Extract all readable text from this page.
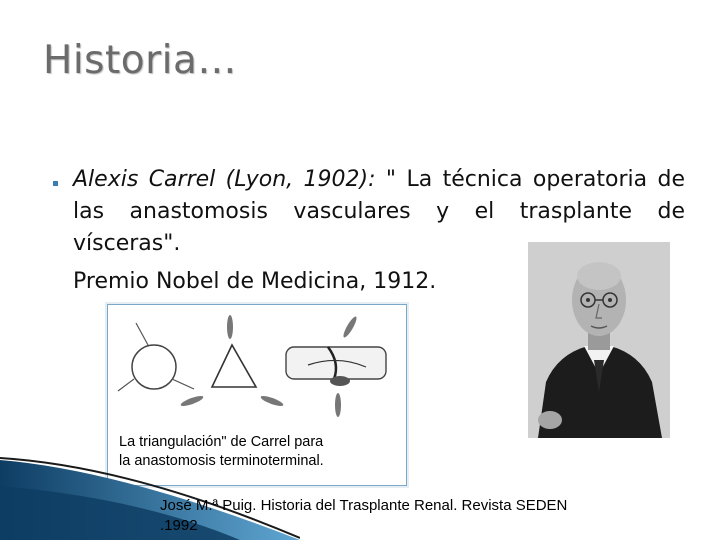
Historia…
Alexis Carrel (Lyon, 1902): " La técnica operatoria de las anastomosis vasculares y el trasplante de vísceras".
Premio Nobel de Medicina, 1912.
La triangulación" de Carrel para
la anastomosis terminoterminal.
José M.ª Puig. Historia del Trasplante Renal. Revista SEDEN
.1992
